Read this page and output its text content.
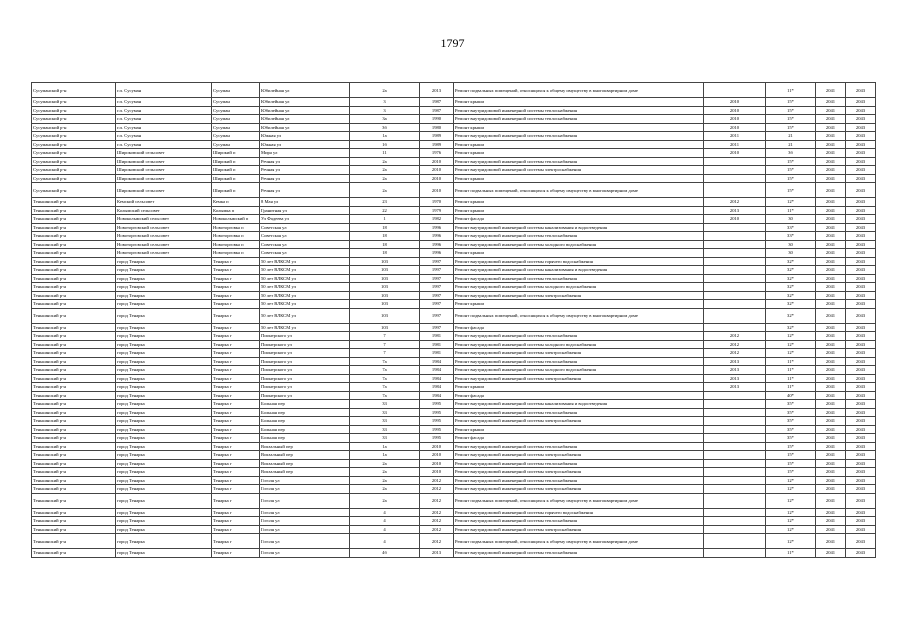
1797
Сусуманский р-н	г.п. Сусуман	Сусуман	Юбилейная ул	2а	2013	Ремонт подвальных помещений, относящихся к общему имуществу в многоквартирном доме		11*	2041	2043
Сусуманский р-н	г.п. Сусуман	Сусуман	Юбилейная ул	3	1987	Ремонт крыши	2010	15*	2041	2043
Сусуманский р-н	г.п. Сусуман	Сусуман	Юбилейная ул	3	1987	Ремонт внутридомовой инженерной системы теплоснабжения	2010	15*	2041	2043
Сусуманский р-н	г.п. Сусуман	Сусуман	Юбилейная ул	3а	1990	Ремонт внутридомовой инженерной системы теплоснабжения	2010	15*	2041	2043
Сусуманский р-н	г.п. Сусуман	Сусуман	Юбилейная ул	3б	1980	Ремонт крыши	2010	15*	2041	2043
Сусуманский р-н	г.п. Сусуман	Сусуман	Южная ул	1а	1989	Ремонт внутридомовой инженерной системы теплоснабжения	2011	21	2041	2043
Сусуманский р-н	г.п. Сусуман	Сусуман	Южная ул	1б	1989	Ремонт крыши	2011	21	2041	2043
Сусуманский р-н	Широковский сельсовет	Широкий п	Мира ул	11	1976	Ремонт крыши	2010	3б	2041	2043
Сусуманский р-н	Широковский сельсовет	Широкий п	Речная ул	2а	2010	Ремонт внутридомовой инженерной системы теплоснабжения		15*	2041	2043
Сусуманский р-н	Широковский сельсовет	Широкий п	Речная ул	2а	2010	Ремонт внутридомовой инженерной системы электроснабжения		15*	2041	2043
Сусуманский р-н	Широковский сельсовет	Широкий п	Речная ул	2а	2010	Ремонт крыши		15*	2041	2043
Сусуманский р-н	Широковский сельсовет	Широкий п	Речная ул	2а	2010	Ремонт подвальных помещений, относящихся к общему имуществу в многоквартирном доме		15*	2041	2043
Тенькинский р-н	Кемский сельсовет	Кемка п	8 Мая ул	23	1970	Ремонт крыши	2012	12*	2041	2043
Тенькинский р-н	Колымский сельсовет	Колымка п	Гранитная ул	22	1979	Ремонт крыши	2013	11*	2041	2043
Тенькинский р-н	Новоколымский сельсовет	Новоколымский п	Ул Фадеева ул	1	1982	Ремонт фасада	2010	30	2041	2043
Тенькинский р-н	Новоторговский сельсовет	Новоторговка п	Советская ул	18	1996	Ремонт внутридомовой инженерной системы канализования и водоотведения		33*	2041	2043
Тенькинский р-н	Новоторговский сельсовет	Новоторговка п	Советская ул	18	1996	Ремонт внутридомовой инженерной системы теплоснабжения		33*	2041	2043
Тенькинский р-н	Новоторговский сельсовет	Новоторговка п	Советская ул	18	1996	Ремонт внутридомовой инженерной системы холодного водоснабжения		30	2041	2043
Тенькинский р-н	Новоторговский сельсовет	Новоторговка п	Советская ул	18	1996	Ремонт крыши		30	2041	2043
Тенькинский р-н	город Тенарка	Тенарка г	50 лет ВЛКСМ ул	103	1997	Ремонт внутридомовой инженерной системы горячего водоснабжения		32*	2041	2043
Тенькинский р-н	город Тенарка	Тенарка г	50 лет ВЛКСМ ул	103	1997	Ремонт внутридомовой инженерной системы канализования и водоотведения		32*	2041	2043
Тенькинский р-н	город Тенарка	Тенарка г	50 лет ВЛКСМ ул	103	1997	Ремонт внутридомовой инженерной системы теплоснабжения		32*	2041	2043
Тенькинский р-н	город Тенарка	Тенарка г	50 лет ВЛКСМ ул	103	1997	Ремонт внутридомовой инженерной системы холодного водоснабжения		32*	2041	2043
Тенькинский р-н	город Тенарка	Тенарка г	50 лет ВЛКСМ ул	103	1997	Ремонт внутридомовой инженерной системы электроснабжения		32*	2041	2043
Тенькинский р-н	город Тенарка	Тенарка г	50 лет ВЛКСМ ул	103	1997	Ремонт крыши		32*	2041	2043
Тенькинский р-н	город Тенарка	Тенарка г	50 лет ВЛКСМ ул	103	1997	Ремонт подвальных помещений, относящихся к общему имуществу в многоквартирном доме		32*	2041	2043
Тенькинский р-н	город Тенарка	Тенарка г	50 лет ВЛКСМ ул	103	1997	Ремонт фасада		32*	2041	2043
Тенькинский р-н	город Тенарка	Тенарка г	Пионерского ул	7	1981	Ремонт внутридомовой инженерной системы теплоснабжения	2012	12*	2041	2043
Тенькинский р-н	город Тенарка	Тенарка г	Пионерского ул	7	1981	Ремонт внутридомовой инженерной системы холодного водоснабжения	2012	12*	2041	2043
Тенькинский р-н	город Тенарка	Тенарка г	Пионерского ул	7	1981	Ремонт внутридомовой инженерной системы электроснабжения	2012	12*	2041	2043
Тенькинский р-н	город Тенарка	Тенарка г	Пионерского ул	7а	1984	Ремонт внутридомовой инженерной системы теплоснабжения	2013	11*	2041	2043
Тенькинский р-н	город Тенарка	Тенарка г	Пионерского ул	7а	1984	Ремонт внутридомовой инженерной системы холодного водоснабжения	2013	11*	2041	2043
Тенькинский р-н	город Тенарка	Тенарка г	Пионерского ул	7а	1984	Ремонт внутридомовой инженерной системы электроснабжения	2013	11*	2041	2043
Тенькинский р-н	город Тенарка	Тенарка г	Пионерского ул	7а	1984	Ремонт крыши	2013	11*	2041	2043
Тенькинский р-н	город Тенарка	Тенарка г	Пионерского ул	7а	1984	Ремонт фасада		40*	2041	2043
Тенькинский р-н	город Тенарка	Тенарка г	Больная пер	33	1995	Ремонт внутридомовой инженерной системы канализования и водоотведения		35*	2041	2043
Тенькинский р-н	город Тенарка	Тенарка г	Больная пер	33	1995	Ремонт внутридомовой инженерной системы теплоснабжения		35*	2041	2043
Тенькинский р-н	город Тенарка	Тенарка г	Больная пер	33	1995	Ремонт внутридомовой инженерной системы электроснабжения		35*	2041	2043
Тенькинский р-н	город Тенарка	Тенарка г	Больная пер	33	1995	Ремонт крыши		35*	2041	2043
Тенькинский р-н	город Тенарка	Тенарка г	Больная пер	33	1995	Ремонт фасада		35*	2041	2043
Тенькинский р-н	город Тенарка	Тенарка г	Вокзальный пер	1а	2010	Ремонт внутридомовой инженерной системы теплоснабжения		15*	2041	2043
Тенькинский р-н	город Тенарка	Тенарка г	Вокзальный пер	1а	2010	Ремонт внутридомовой инженерной системы электроснабжения		15*	2041	2043
Тенькинский р-н	город Тенарка	Тенарка г	Вокзальный пер	2а	2010	Ремонт внутридомовой инженерной системы теплоснабжения		15*	2041	2043
Тенькинский р-н	город Тенарка	Тенарка г	Вокзальный пер	2а	2010	Ремонт внутридомовой инженерной системы электроснабжения		15*	2041	2043
Тенькинский р-н	город Тенарка	Тенарка г	Гоголя ул	2а	2012	Ремонт внутридомовой инженерной системы теплоснабжения		12*	2041	2043
Тенькинский р-н	город Тенарка	Тенарка г	Гоголя ул	2а	2012	Ремонт внутридомовой инженерной системы электроснабжения		12*	2041	2043
Тенькинский р-н	город Тенарка	Тенарка г	Гоголя ул	2а	2012	Ремонт подвальных помещений, относящихся к общему имуществу в многоквартирном доме		12*	2041	2043
Тенькинский р-н	город Тенарка	Тенарка г	Гоголя ул	4	2012	Ремонт внутридомовой инженерной системы горячего водоснабжения		12*	2041	2043
Тенькинский р-н	город Тенарка	Тенарка г	Гоголя ул	4	2012	Ремонт внутридомовой инженерной системы теплоснабжения		12*	2041	2043
Тенькинский р-н	город Тенарка	Тенарка г	Гоголя ул	4	2012	Ремонт внутридомовой инженерной системы электроснабжения		12*	2041	2043
Тенькинский р-н	город Тенарка	Тенарка г	Гоголя ул	4	2012	Ремонт подвальных помещений, относящихся к общему имуществу в многоквартирном доме		12*	2041	2043
Тенькинский р-н	город Тенарка	Тенарка г	Гоголя ул	4б	2013	Ремонт внутридомовой инженерной системы теплоснабжения		11*	2041	2043
